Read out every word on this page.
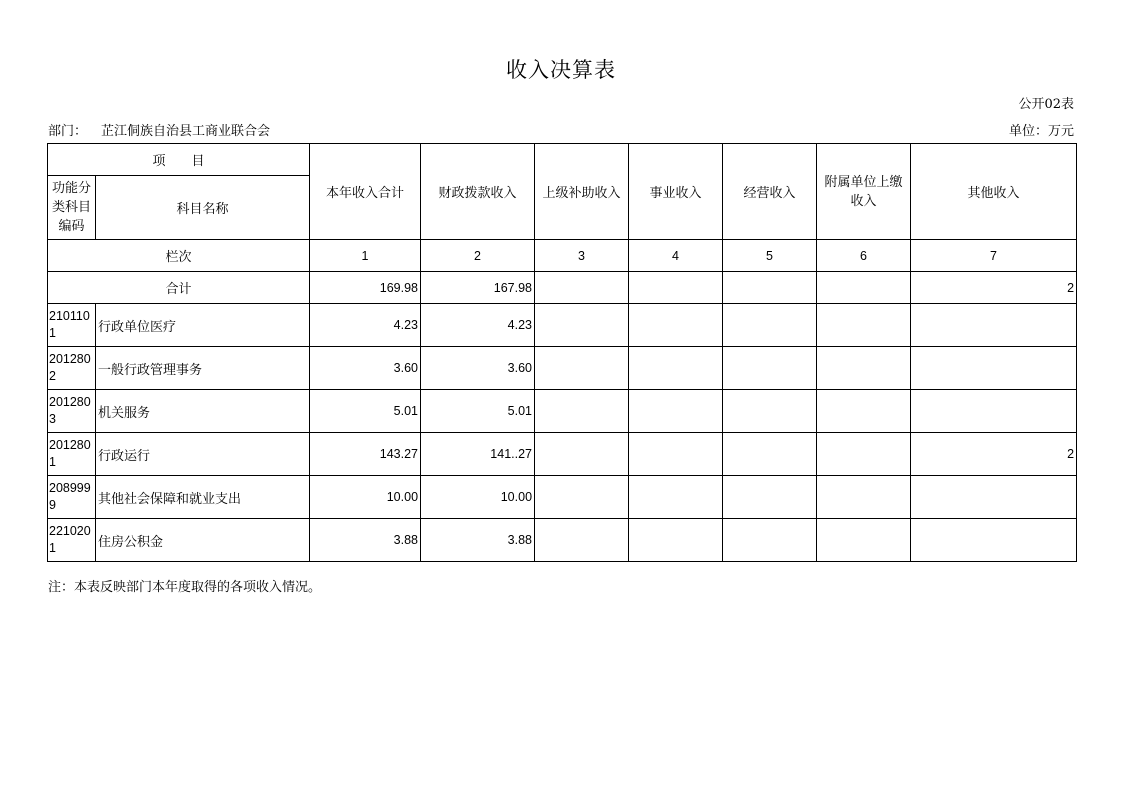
收入决算表
公开02表
部门： 芷江侗族自治县工商业联合会	单位：万元
项　　目		本年收入合计	财政拨款收入	上级补助收入	事业收入	经营收入	附属单位上缴收入	其他收入
功能分类科目编码	科目名称							
栏次		1	2	3	4	5	6	7
合计		169.98	167.98					2
2101101	行政单位医疗	4.23	4.23					
2012802	一般行政管理事务	3.60	3.60					
2012803	机关服务	5.01	5.01					
2012801	行政运行	143.27	141..27					2
2089999	其他社会保障和就业支出	10.00	10.00					
2210201	住房公积金	3.88	3.88					
注：本表反映部门本年度取得的各项收入情况。
